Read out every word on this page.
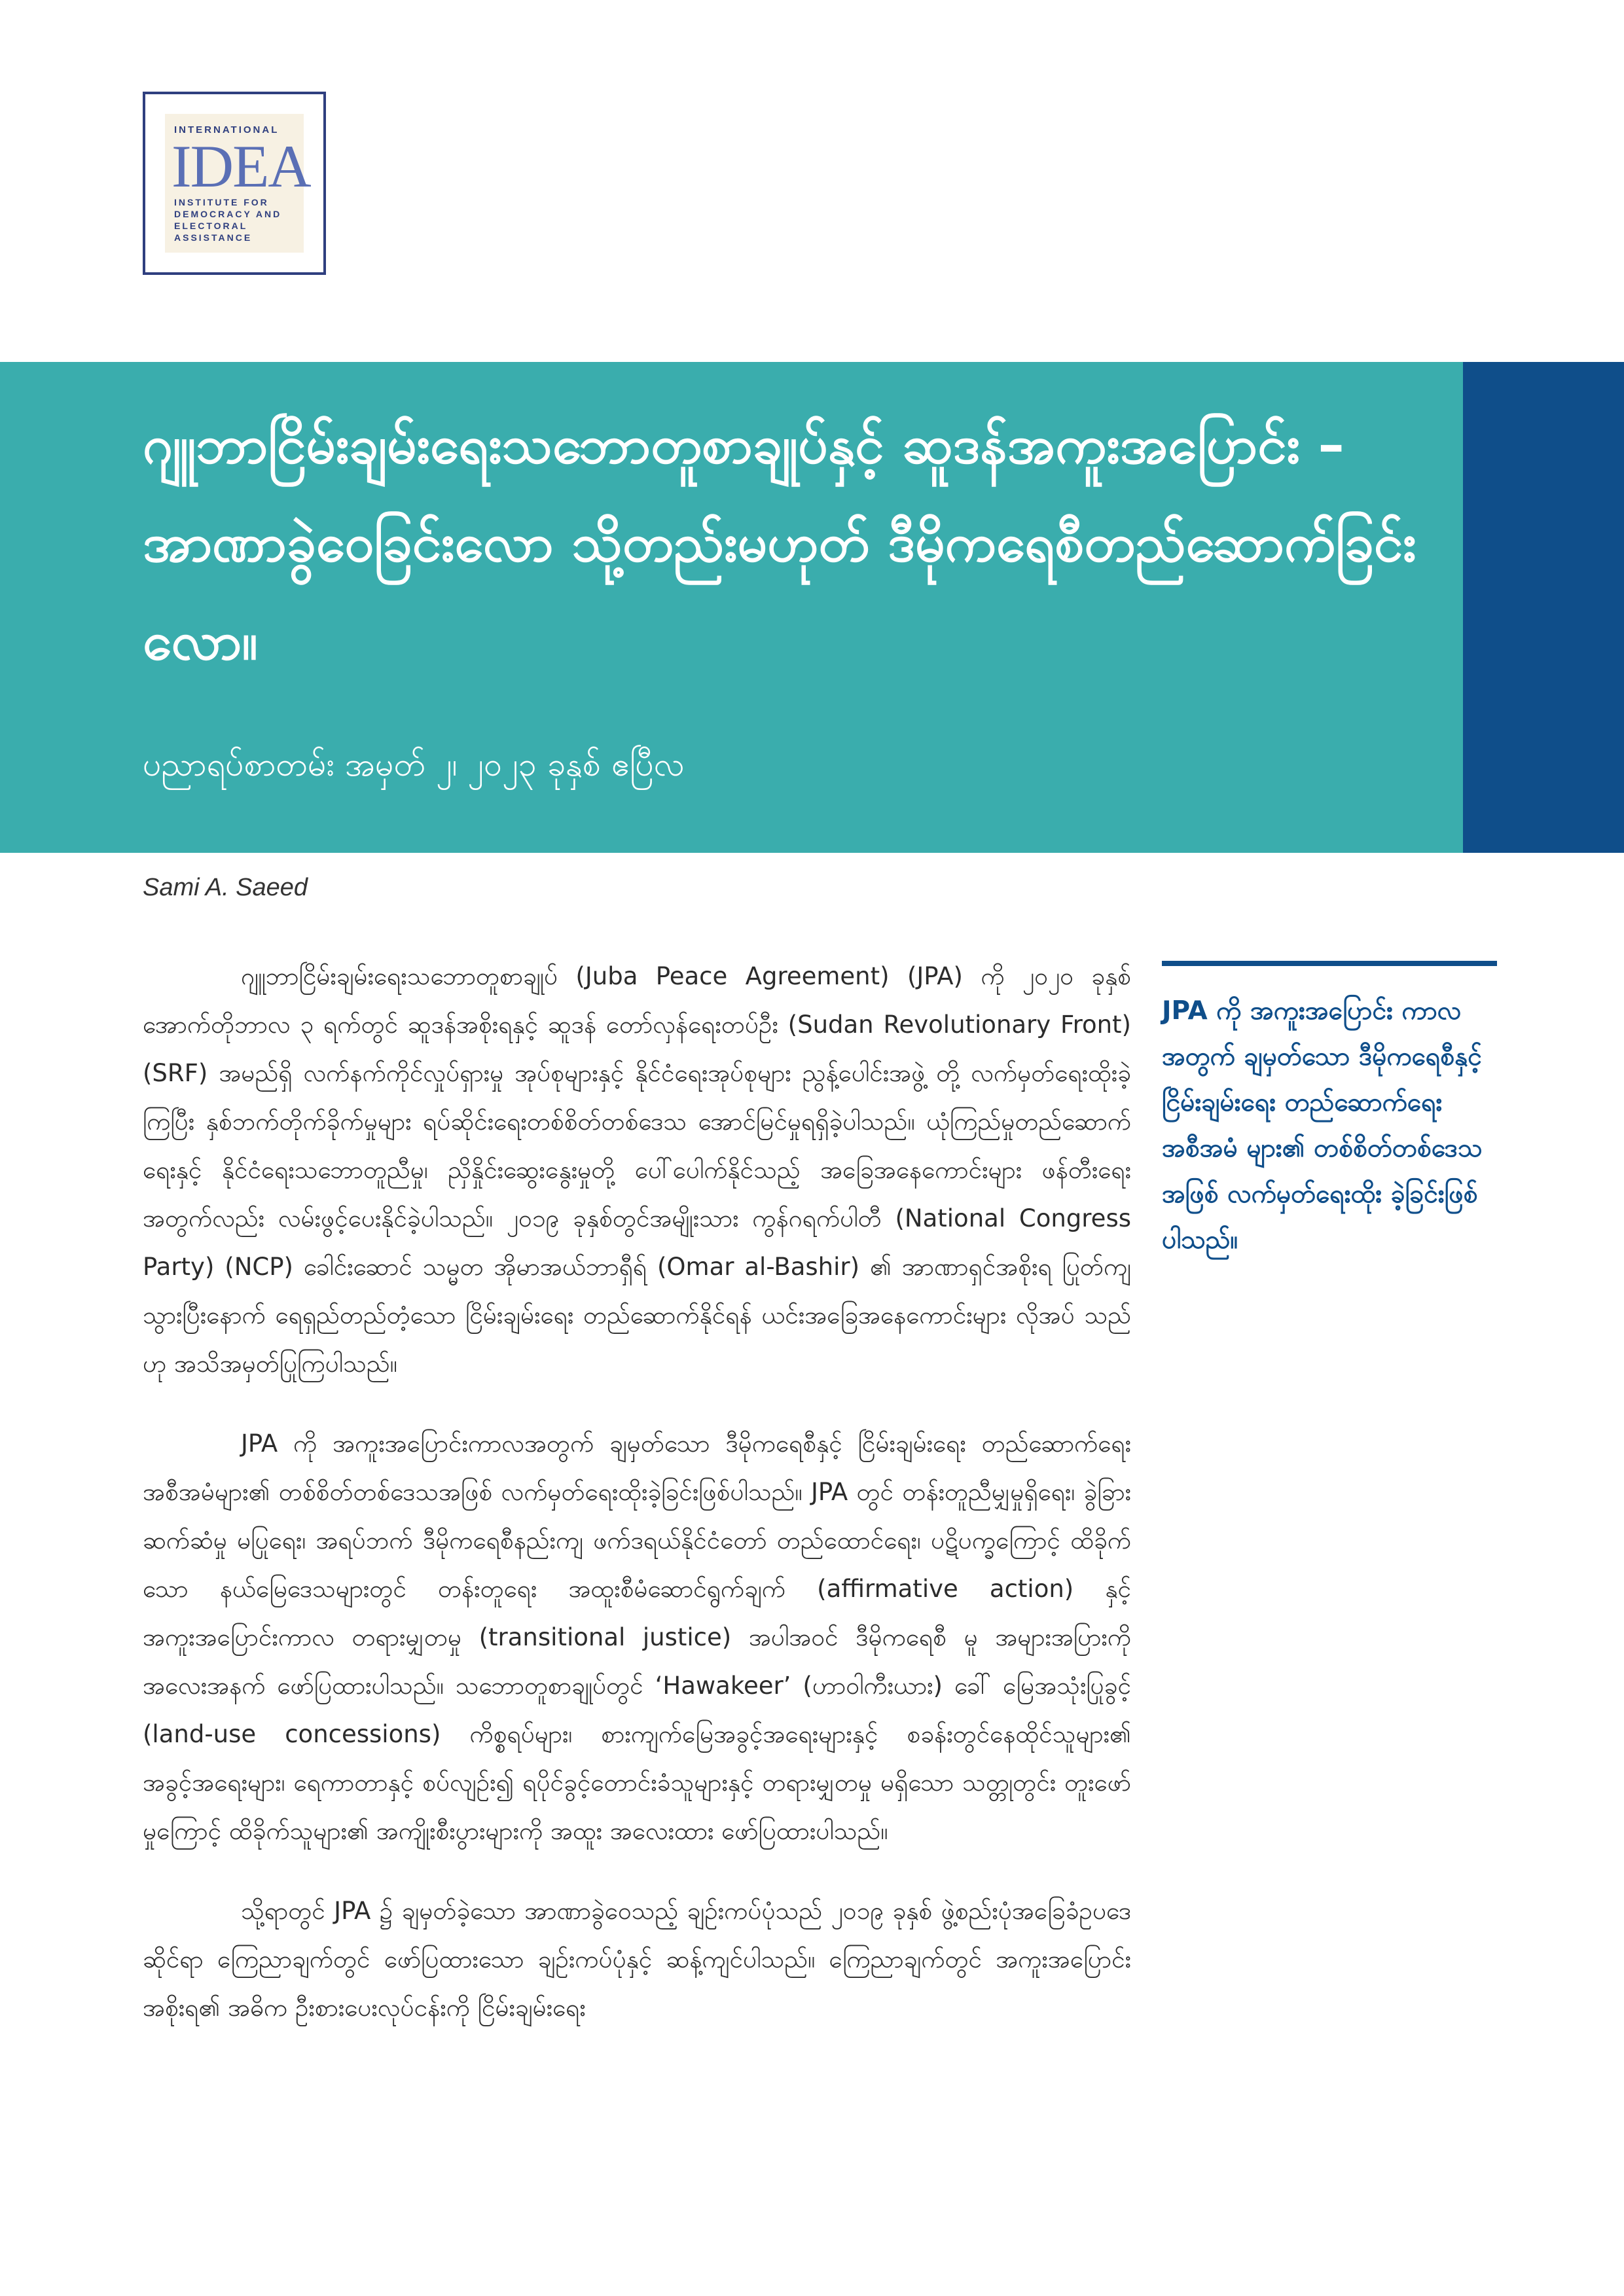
INTERNATIONAL
IDEA
INSTITUTE FOR
DEMOCRACY AND
ELECTORAL
ASSISTANCE
ဂျူဘာငြိမ်းချမ်းရေးသဘောတူစာချုပ်နှင့် ဆူဒန်အကူးအပြောင်း – အာဏာခွဲဝေခြင်းလော သို့တည်းမဟုတ် ဒီမိုကရေစီတည်ဆောက်ခြင်းလော။
ပညာရပ်စာတမ်း အမှတ် ၂၊ ၂၀၂၃ ခုနှစ် ဧပြီလ
Sami A. Saeed

ဂျူဘာငြိမ်းချမ်းရေးသဘောတူစာချုပ် (Juba Peace Agreement) (JPA) ကို ၂၀၂၀ ခုနှစ် အောက်တိုဘာလ ၃ ရက်တွင် ဆူဒန်အစိုးရနှင့် ဆူဒန် တော်လှန်ရေးတပ်ဦး (Sudan Revolutionary Front) (SRF) အမည်ရှိ လက်နက်ကိုင်လှုပ်ရှားမှု အုပ်စုများနှင့် နိုင်ငံရေးအုပ်စုများ ညွန့်ပေါင်းအဖွဲ့ တို့ လက်မှတ်ရေးထိုးခဲ့ကြပြီး နှစ်ဘက်တိုက်ခိုက်မှုများ ရပ်ဆိုင်းရေးတစ်စိတ်တစ်ဒေသ အောင်မြင်မှုရရှိခဲ့ပါသည်။ ယုံကြည်မှုတည်ဆောက်ရေးနှင့် နိုင်ငံရေးသဘောတူညီမှု၊ ညှိနှိုင်းဆွေးနွေးမှုတို့ ပေါ်ပေါက်နိုင်သည့် အခြေအနေကောင်းများ ဖန်တီးရေးအတွက်လည်း လမ်းဖွင့်ပေးနိုင်ခဲ့ပါသည်။ ၂၀၁၉ ခုနှစ်တွင်အမျိုးသား ကွန်ဂရက်ပါတီ (National Congress Party) (NCP) ခေါင်းဆောင် သမ္မတ အိုမာအယ်ဘာရှီရ် (Omar al-Bashir) ၏ အာဏာရှင်အစိုးရ ပြုတ်ကျသွားပြီးနောက် ရေရှည်တည်တံ့သော ငြိမ်းချမ်းရေး တည်ဆောက်နိုင်ရန် ယင်းအခြေအနေကောင်းများ လိုအပ် သည်ဟု အသိအမှတ်ပြုကြပါသည်။

JPA ကို အကူးအပြောင်းကာလအတွက် ချမှတ်သော ဒီမိုကရေစီနှင့် ငြိမ်းချမ်းရေး တည်ဆောက်ရေး အစီအမံများ၏ တစ်စိတ်တစ်ဒေသအဖြစ် လက်မှတ်ရေးထိုးခဲ့ခြင်းဖြစ်ပါသည်။ JPA တွင် တန်းတူညီမျှမှုရှိရေး၊ ခွဲခြားဆက်ဆံမှု မပြုရေး၊ အရပ်ဘက် ဒီမိုကရေစီနည်းကျ ဖက်ဒရယ်နိုင်ငံတော် တည်ထောင်ရေး၊ ပဋိပက္ခကြောင့် ထိခိုက်သော နယ်မြေဒေသများတွင် တန်းတူရေး အထူးစီမံဆောင်ရွက်ချက် (affirmative action) နှင့် အကူးအပြောင်းကာလ တရားမျှတမှု (transitional justice) အပါအဝင် ဒီမိုကရေစီ မူ အများအပြားကို အလေးအနက် ဖော်ပြထားပါသည်။ သဘောတူစာချုပ်တွင် ‘Hawakeer’ (ဟာဝါကီးယား) ခေါ် မြေအသုံးပြုခွင့် (land-use concessions) ကိစ္စရပ်များ၊ စားကျက်မြေအခွင့်အရေးများနှင့် စခန်းတွင်နေထိုင်သူများ၏ အခွင့်အရေးများ၊ ရေကာတာနှင့် စပ်လျဉ်း၍ ရပိုင်ခွင့်တောင်းခံသူများနှင့် တရားမျှတမှု မရှိသော သတ္တုတွင်း တူးဖော်မှုကြောင့် ထိခိုက်သူများ၏ အကျိုးစီးပွားများကို အထူး အလေးထား ဖော်ပြထားပါသည်။

သို့ရာတွင် JPA ၌ ချမှတ်ခဲ့သော အာဏာခွဲဝေသည့် ချဉ်းကပ်ပုံသည် ၂၀၁၉ ခုနှစ် ဖွဲ့စည်းပုံအခြေခံဥပဒေဆိုင်ရာ ကြေညာချက်တွင် ဖော်ပြထားသော ချဉ်းကပ်ပုံနှင့် ဆန့်ကျင်ပါသည်။ ကြေညာချက်တွင် အကူးအပြောင်းအစိုးရ၏ အဓိက ဦးစားပေးလုပ်ငန်းကို ငြိမ်းချမ်းရေး

JPA ကို အကူးအပြောင်း ကာလအတွက် ချမှတ်သော ဒီမိုကရေစီနှင့် ငြိမ်းချမ်းရေး တည်ဆောက်ရေး အစီအမံ များ၏ တစ်စိတ်တစ်ဒေသ အဖြစ် လက်မှတ်ရေးထိုး ခဲ့ခြင်းဖြစ်ပါသည်။
